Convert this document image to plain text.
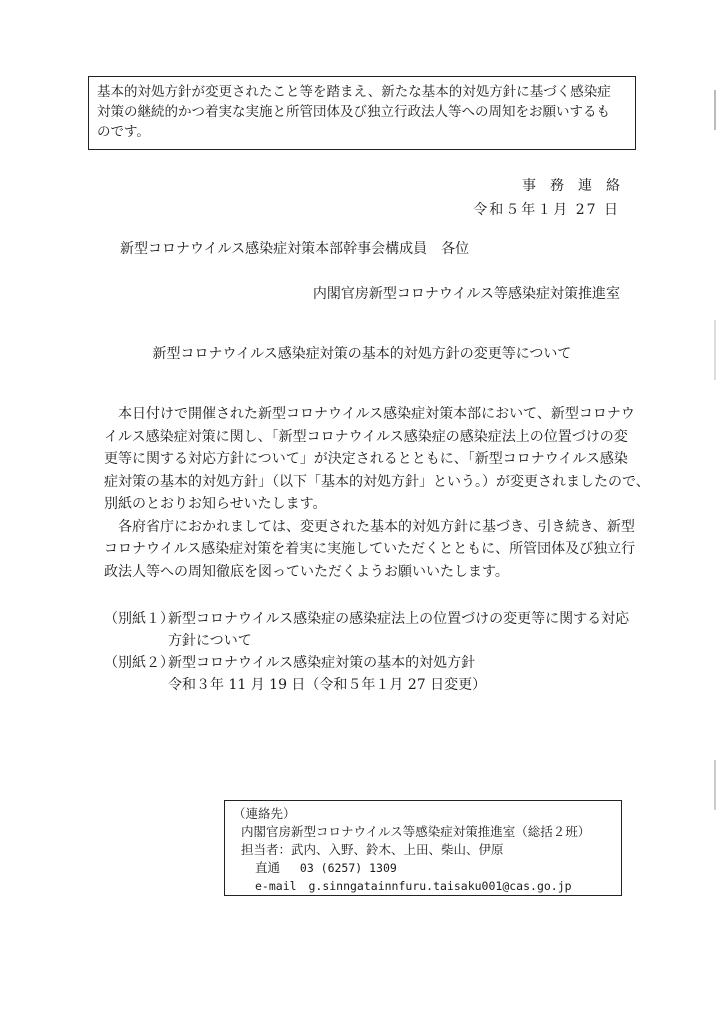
基本的対処方針が変更されたこと等を踏まえ、新たな基本的対処方針に基づく感染症
対策の継続的かつ着実な実施と所管団体及び独立行政法人等への周知をお願いするも
のです。
事務連絡
令和５年１月 27 日
新型コロナウイルス感染症対策本部幹事会構成員　各位
内閣官房新型コロナウイルス等感染症対策推進室
新型コロナウイルス感染症対策の基本的対処方針の変更等について
　本日付けで開催された新型コロナウイルス感染症対策本部において、新型コロナウ
イルス感染症対策に関し、「新型コロナウイルス感染症の感染症法上の位置づけの変
更等に関する対応方針について」が決定されるとともに、「新型コロナウイルス感染
症対策の基本的対処方針」（以下「基本的対処方針」という。）が変更されましたので、
別紙のとおりお知らせいたします。
　各府省庁におかれましては、変更された基本的対処方針に基づき、引き続き、新型
コロナウイルス感染症対策を着実に実施していただくとともに、所管団体及び独立行
政法人等への周知徹底を図っていただくようお願いいたします。
（別紙１）新型コロナウイルス感染症の感染症法上の位置づけの変更等に関する対応
方針について
（別紙２）新型コロナウイルス感染症対策の基本的対処方針
令和３年 11 月 19 日（令和５年１月 27 日変更）
（連絡先）
内閣官房新型コロナウイルス等感染症対策推進室（総括２班）
担当者：武内、入野、鈴木、上田、柴山、伊原
直通 03 (6257) 1309
e-mail g.sinngatainnfuru.taisaku001@cas.go.jp
